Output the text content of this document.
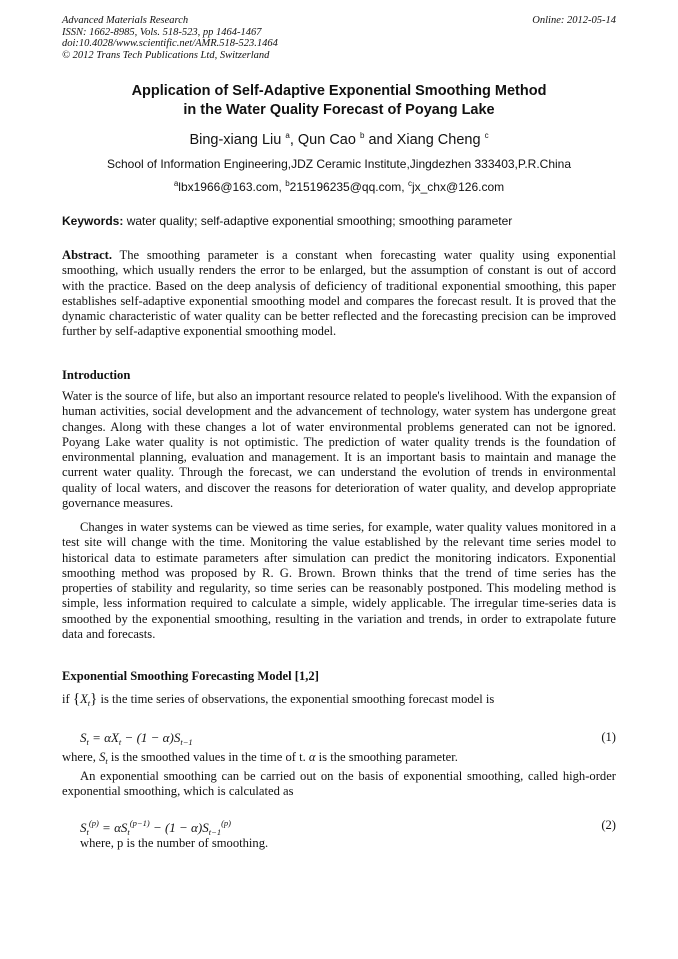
Advanced Materials Research
ISSN: 1662-8985, Vols. 518-523, pp 1464-1467
doi:10.4028/www.scientific.net/AMR.518-523.1464
© 2012 Trans Tech Publications Ltd, Switzerland
Online: 2012-05-14
Application of Self-Adaptive Exponential Smoothing Method
in the Water Quality Forecast of Poyang Lake
Bing-xiang Liu $^a$, Qun Cao $^b$ and Xiang Cheng $^c$
School of Information Engineering,JDZ Ceramic Institute,Jingdezhen 333403,P.R.China
$^a$lbx1966@163.com, $^b$215196235@qq.com, $^c$jx_chx@126.com
Keywords: water quality; self-adaptive exponential smoothing; smoothing parameter
Abstract. The smoothing parameter is a constant when forecasting water quality using exponential smoothing, which usually renders the error to be enlarged, but the assumption of constant is out of accord with the practice. Based on the deep analysis of deficiency of traditional exponential smoothing, this paper establishes self-adaptive exponential smoothing model and compares the forecast result. It is proved that the dynamic characteristic of water quality can be better reflected and the forecasting precision can be improved further by self-adaptive exponential smoothing model.
Introduction
Water is the source of life, but also an important resource related to people's livelihood. With the expansion of human activities, social development and the advancement of technology, water system has undergone great changes. Along with these changes a lot of water environmental problems generated can not be ignored. Poyang Lake water quality is not optimistic. The prediction of water quality trends is the foundation of environmental planning, evaluation and management. It is an important basis to maintain and manage the current water quality. Through the forecast, we can understand the evolution of trends in environmental quality of local waters, and discover the reasons for deterioration of water quality, and develop appropriate governance measures.
Changes in water systems can be viewed as time series, for example, water quality values monitored in a test site will change with the time. Monitoring the value established by the relevant time series model to historical data to estimate parameters after simulation can predict the monitoring indicators. Exponential smoothing method was proposed by R. G. Brown. Brown thinks that the trend of time series has the properties of stability and regularity, so time series can be reasonably postponed. This modeling method is simple, less information required to calculate a simple, widely applicable. The irregular time-series data is smoothed by the exponential smoothing, resulting in the variation and trends, in order to extrapolate future data and forecasts.
Exponential Smoothing Forecasting Model [1,2]
if $\{X_t\}$ is the time series of observations, the exponential smoothing forecast model is
$S_t = \alpha X_t - (1 - \alpha)S_{t-1}$	(1)
where, $S_t$ is the smoothed values in the time of t. α is the smoothing parameter.
An exponential smoothing can be carried out on the basis of exponential smoothing, called high-order exponential smoothing, which is calculated as
$S_t^{(p)} = \alpha S_t^{(p-1)} - (1 - \alpha)S_{t-1}^{(p)}$	(2)
where, p is the number of smoothing.
